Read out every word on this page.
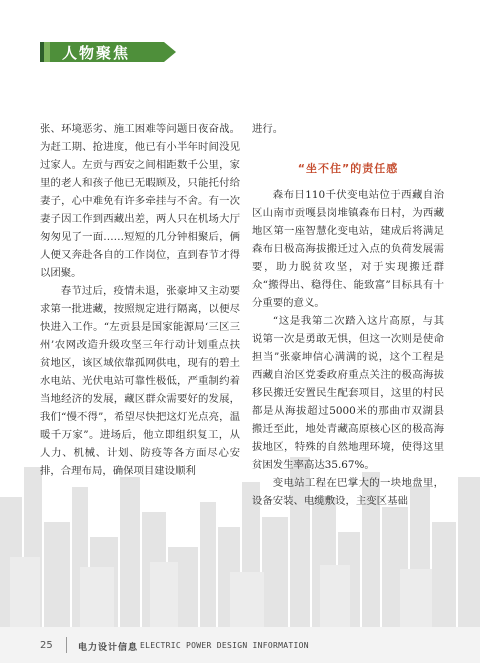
人物聚焦

张、环境恶劣、施工困难等问题日夜奋战。为赶工期、抢进度，他已有小半年时间没见过家人。左贡与西安之间相距数千公里，家里的老人和孩子他已无暇顾及，只能托付给妻子，心中难免有许多牵挂与不舍。有一次妻子因工作到西藏出差，两人只在机场大厅匆匆见了一面……短短的几分钟相聚后，俩人便又奔赴各自的工作岗位，直到春节才得以团聚。

春节过后，疫情未退，张豪坤又主动要求第一批进藏，按照规定进行隔离，以便尽快进入工作。“左贡县是国家能源局‘三区三州’农网改造升级攻坚三年行动计划重点扶贫地区，该区域依靠孤网供电，现有的碧土水电站、光伏电站可靠性极低，严重制约着当地经济的发展，藏区群众需要好的发展，我们“慢不得”，希望尽快把这灯光点亮，温暖千万家”。进场后，他立即组织复工，从人力、机械、计划、防疫等各方面尽心安排，合理布局，确保项目建设顺利

进行。

“坐不住”的责任感

森布日110千伏变电站位于西藏自治区山南市贡嘎县岗堆镇森布日村，为西藏地区第一座智慧化变电站，建成后将满足森布日极高海拔搬迁过入点的负荷发展需要，助力脱贫攻坚，对于实现搬迁群众“搬得出、稳得住、能致富”目标具有十分重要的意义。

“这是我第二次踏入这片高原，与其说第一次是勇敢无惧，但这一次则是使命担当”张豪坤信心满满的说，这个工程是西藏自治区党委政府重点关注的极高海拔移民搬迁安置民生配套项目，这里的村民都是从海拔超过5000米的那曲市双湖县搬迁至此，地处青藏高原核心区的极高海拔地区，特殊的自然地理环境，使得这里贫困发生率高达35.67%。

变电站工程在巴掌大的一块地盘里，设备安装、电缆敷设，主变区基础

25	电力设计信息 ELECTRIC POWER DESIGN INFORMATION
